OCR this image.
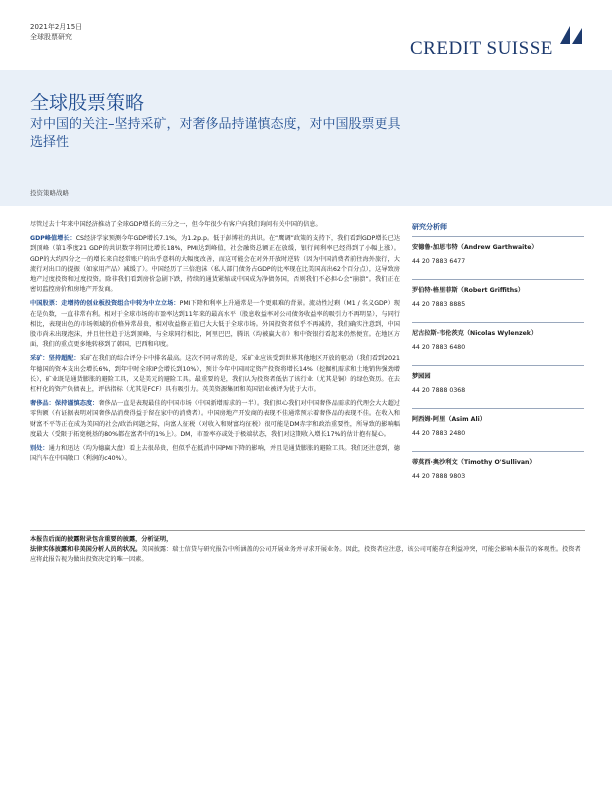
2021年2月15日
全球股票研究
CREDIT SUISSE
全球股票策略
对中国的关注–坚持采矿，对奢侈品持谨慎态度，对中国股票更具选择性
投资策略战略

尽管过去十年来中国经济推动了全球GDP增长的三分之一，但今年很少有客户向我们询问有关中国的信息。

GDP峰值增长：CS经济学家预测今年GDP增长7.1%，为1.2p.p。低于彭博社的共识。在“鹰调”政策的支持下，我们看到GDP增长已达到顶峰（第1季度21 GDP的共识数字将同比增长18%，PMI达到峰值，社会融资总额正在放缓，银行间利率已经得到了小幅上涨）。GDP的大约四分之一的增长来自经常账户的出乎意料的大幅度改善，而这可能会在对外开放时逆转（因为中国消费者前往海外旅行，大流行对出口的提振（如家用产品）减缓了）。中国经历了三倍泡沫（私人部门债务占GDP的比率现在比美国高出62个百分点），这导致房地产过度投资和过度投资。除非我们看到房价急剧下跌，持续的通货紧缩或中国成为净债务国，否则我们不必担心会“崩溃”。我们正在密切监控房价和房地产开发商。

中国股票：走增持的创业板投资组合中转为中立立场：PMI下降和利率上升通常是一个更艰难的背景。流动性过剩（M1 / 名义GDP）现在是负数，一直非常有利。相对于全球市场的市盈率达到11年来的最高水平（股息收益率对公司债务收益率的吸引力不再明显），与同行相比，表现出色的市场领域的价格异常昂贵，相对收益修正值已大大低于全球市场。外国投资者似乎不再减持，我们确实注意到，中国股市尚未出现泡沫，并且往往趋于达到顶峰，与全球同行相比，阿里巴巴，腾讯（均被赢大市）和中资银行看起来仍然便宜。在地区方面，我们的重点更多地转移到了韩国，巴西和印度。

采矿：坚持超配：采矿在我们的综合评分卡中排名最高。这次不同寻常的是，采矿业应该受到世界其他地区开放的驱动（我们看到2021年德国的资本支出会增长6%，到年中时全球IP会增长到10%），预计今年中国固定资产投资将增长14%（挖掘机需求和土地销售强劲增长），矿业既是通货膨胀的避险工具，又是美元的避险工具。最重要的是，我们认为投资者低估了该行业（尤其是铜）的绿色资历。在去杠杆化的资产负债表上，评估指标（尤其是FCF）具有吸引力。英美资源集团和英国铝业被评为优于大市。

奢侈品：保持谨慎态度：奢侈品一直是表现最佳的中国市场（中国新增需求的一半）。我们担心我们对中国奢侈品需求的代理会大大超过零售额（有证据表明对国奢侈品消费得益于留在家中的消费者）。中国房地产开发商的表现不佳通常预示着奢侈品的表现不佳。在收入和财富不平等正在成为美国的社会/政治问题之际，向富人征税（对收入和财富均征税）很可能是DM赤字和政治重要性，所导致的影响幅度最大（受限于拓宽税基的80%都在富者中的1%上）。DM，市盈率亦或处于极端状态，我们对这期收入增长17%的估计抱有疑心。

别处：通力和迅达（均为德赢大盘）看上去很昂贵，但似乎在抵消中国PMI下降的影响，并且是通货膨胀的避险工具。我们还注意到，德国汽车在中国敞口（利润的c40%）。

研究分析师
安德鲁·加思韦特（Andrew Garthwaite）
44 20 7883 6477
罗伯特·格里菲斯（Robert Griffiths）
44 20 7883 8885
尼古拉斯·韦伦茨克（Nicolas Wylenzek）
44 20 7883 6480
梦园园
44 20 7888 0368
阿西姆·阿里（Asim Ali）
44 20 7883 2480
蒂莫西·奥沙利文（Timothy O'Sullivan）
44 20 7888 9803

本报告后面的披露附录包含重要的披露，分析证明，

法律实体披露和非美国分析人员的状况。美国披露：瑞士信贷与研究报告中所涵盖的公司开展业务并寻求开展业务。因此，投资者应注意，该公司可能存在利益冲突，可能会影响本报告的客观性。投资者应将此报告视为做出投资决定的唯一因素。
